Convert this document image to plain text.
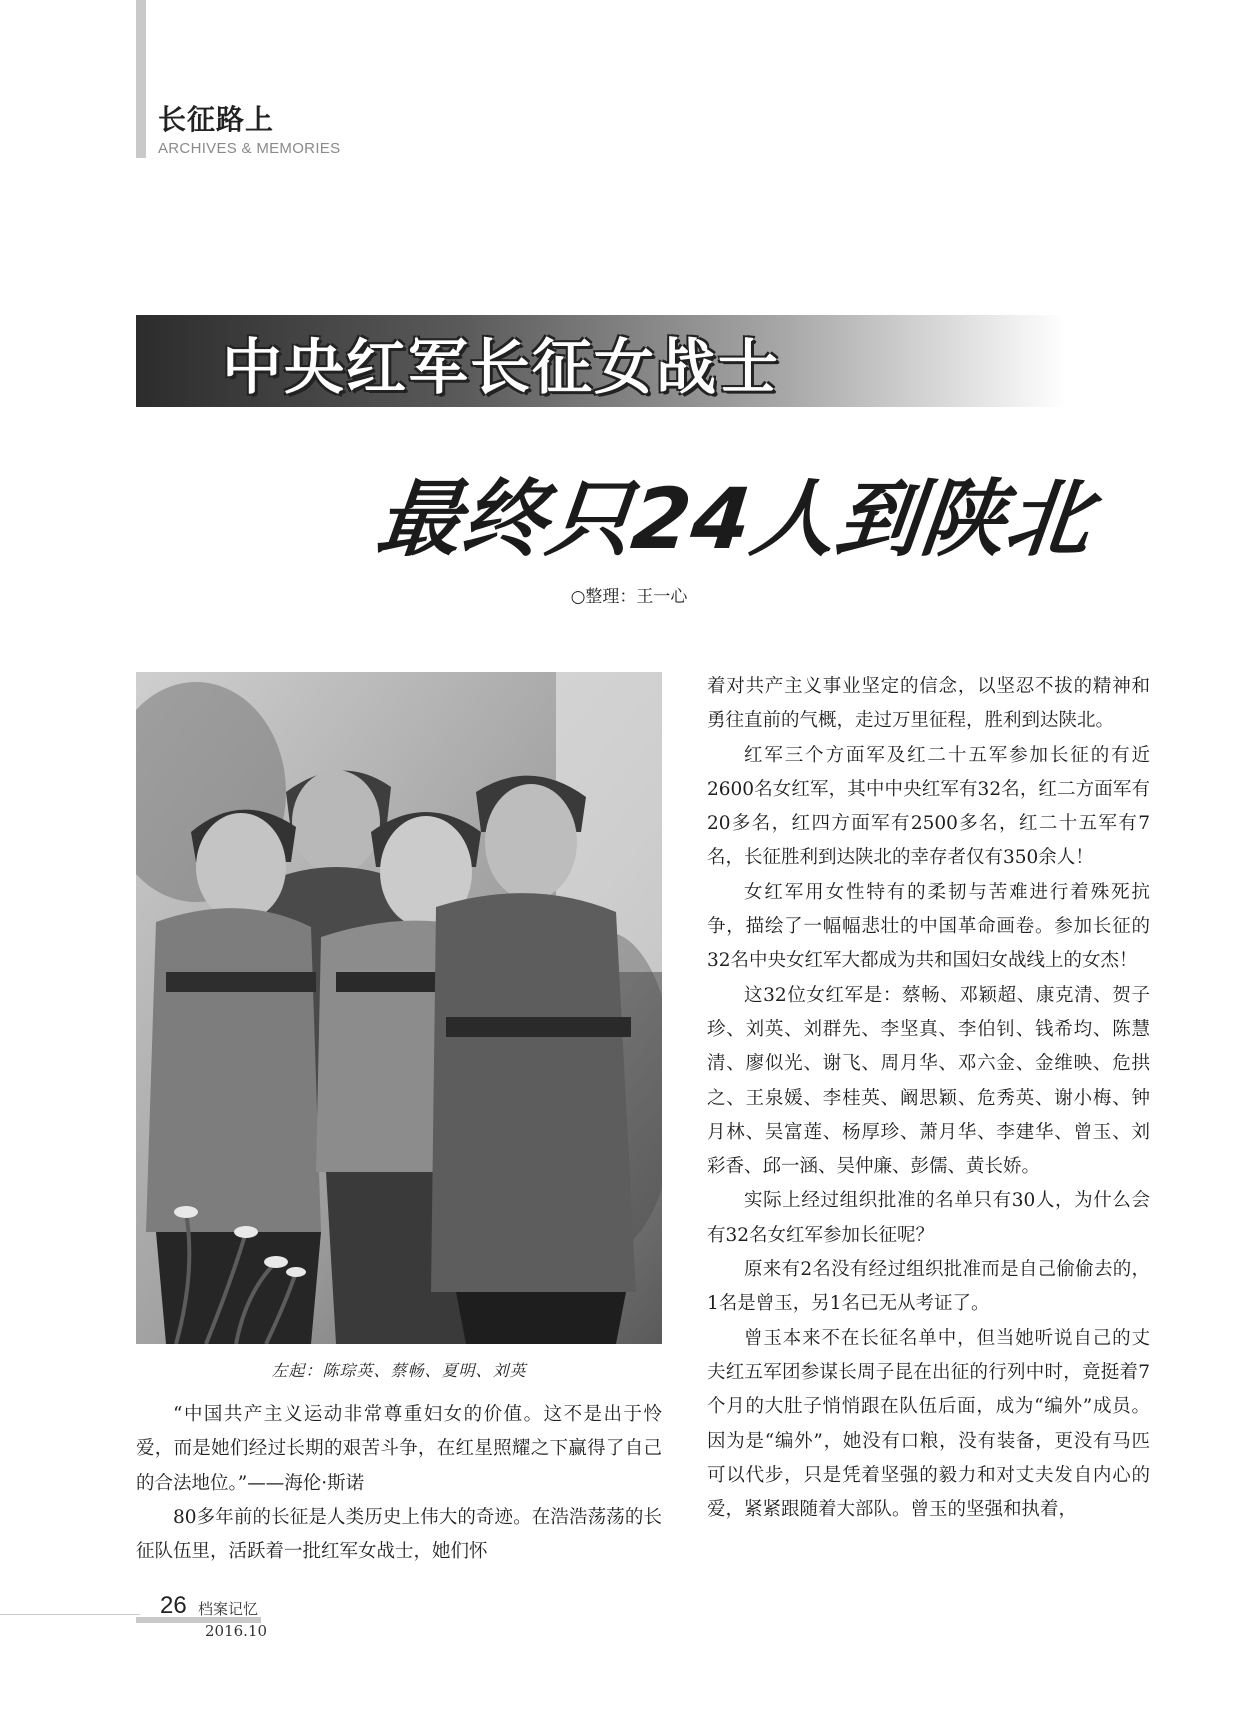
长征路上
ARCHIVES & MEMORIES
中央红军长征女战士
最终只24人到陕北
○整理：王一心
左起：陈琮英、蔡畅、夏明、刘英

“中国共产主义运动非常尊重妇女的价值。这不是出于怜爱，而是她们经过长期的艰苦斗争，在红星照耀之下赢得了自己的合法地位。”——海伦·斯诺

80多年前的长征是人类历史上伟大的奇迹。在浩浩荡荡的长征队伍里，活跃着一批红军女战士，她们怀

着对共产主义事业坚定的信念，以坚忍不拔的精神和勇往直前的气概，走过万里征程，胜利到达陕北。

红军三个方面军及红二十五军参加长征的有近2600名女红军，其中中央红军有32名，红二方面军有20多名，红四方面军有2500多名，红二十五军有7名，长征胜利到达陕北的幸存者仅有350余人！

女红军用女性特有的柔韧与苦难进行着殊死抗争，描绘了一幅幅悲壮的中国革命画卷。参加长征的32名中央女红军大都成为共和国妇女战线上的女杰！

这32位女红军是：蔡畅、邓颖超、康克清、贺子珍、刘英、刘群先、李坚真、李伯钊、钱希均、陈慧清、廖似光、谢飞、周月华、邓六金、金维映、危拱之、王泉媛、李桂英、阚思颖、危秀英、谢小梅、钟月林、吴富莲、杨厚珍、萧月华、李建华、曾玉、刘彩香、邱一涵、吴仲廉、彭儒、黄长娇。

实际上经过组织批准的名单只有30人，为什么会有32名女红军参加长征呢？

原来有2名没有经过组织批准而是自己偷偷去的，1名是曾玉，另1名已无从考证了。

曾玉本来不在长征名单中，但当她听说自己的丈夫红五军团参谋长周子昆在出征的行列中时，竟挺着7个月的大肚子悄悄跟在队伍后面，成为“编外”成员。因为是“编外”，她没有口粮，没有装备，更没有马匹可以代步，只是凭着坚强的毅力和对丈夫发自内心的爱，紧紧跟随着大部队。曾玉的坚强和执着，

26 档案记忆
2016.10
